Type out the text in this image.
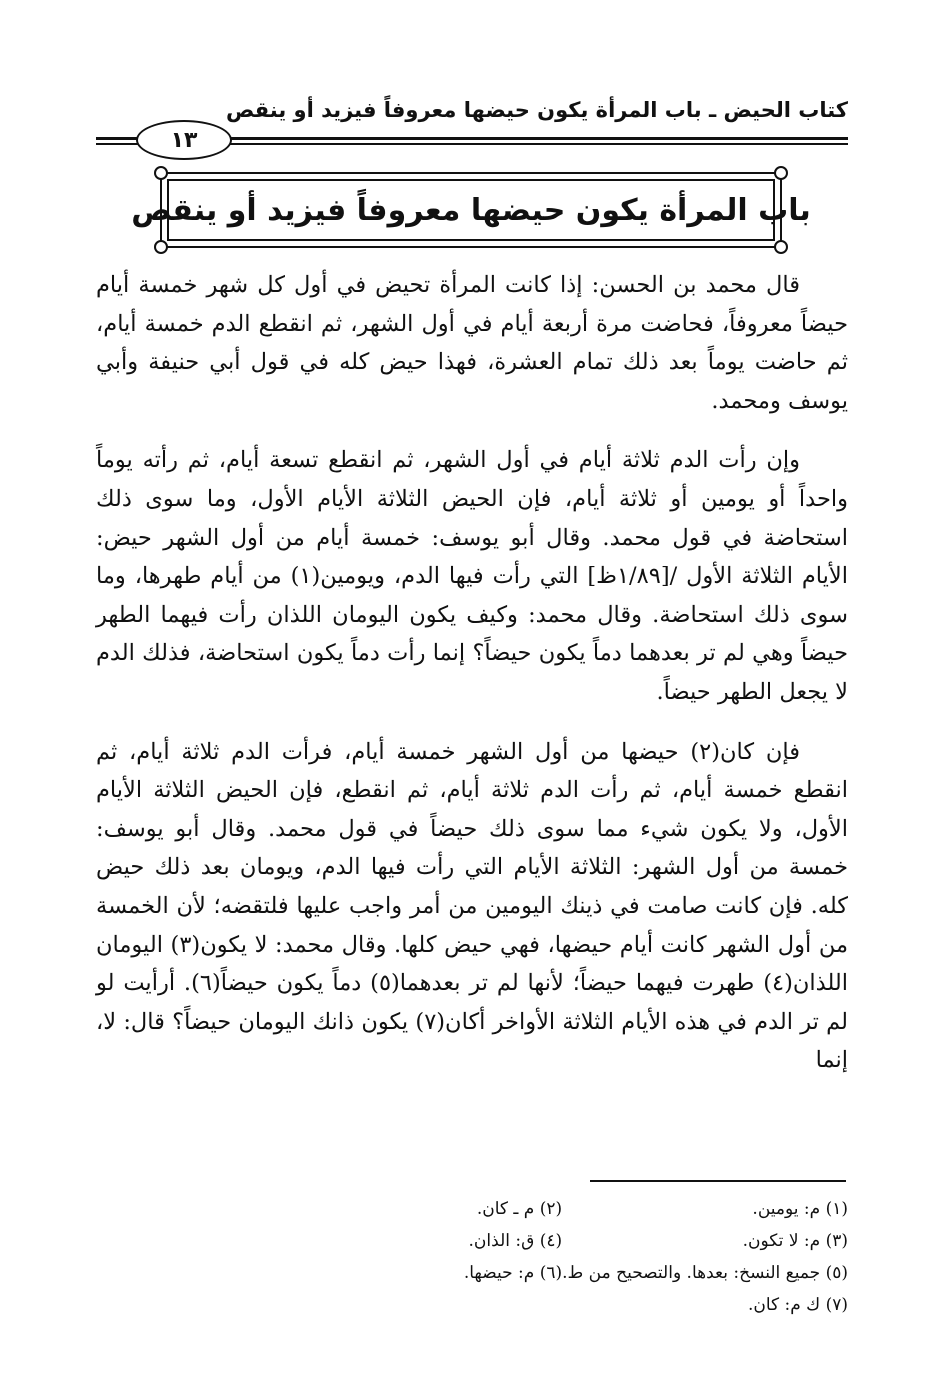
كتاب الحيض ـ باب المرأة يكون حيضها معروفاً فيزيد أو ينقص
١٣
باب المرأة يكون حيضها معروفاً فيزيد أو ينقص

قال محمد بن الحسن: إذا كانت المرأة تحيض في أول كل شهر خمسة أيام حيضاً معروفاً، فحاضت مرة أربعة أيام في أول الشهر، ثم انقطع الدم خمسة أيام، ثم حاضت يوماً بعد ذلك تمام العشرة، فهذا حيض كله في قول أبي حنيفة وأبي يوسف ومحمد.

وإن رأت الدم ثلاثة أيام في أول الشهر، ثم انقطع تسعة أيام، ثم رأته يوماً واحداً أو يومين أو ثلاثة أيام، فإن الحيض الثلاثة الأيام الأول، وما سوى ذلك استحاضة في قول محمد. وقال أبو يوسف: خمسة أيام من أول الشهر حيض: الأيام الثلاثة الأول /[١/٨٩ظ] التي رأت فيها الدم، ويومين(١) من أيام طهرها، وما سوى ذلك استحاضة. وقال محمد: وكيف يكون اليومان اللذان رأت فيهما الطهر حيضاً وهي لم تر بعدهما دماً يكون حيضاً؟ إنما رأت دماً يكون استحاضة، فذلك الدم لا يجعل الطهر حيضاً.

فإن كان(٢) حيضها من أول الشهر خمسة أيام، فرأت الدم ثلاثة أيام، ثم انقطع خمسة أيام، ثم رأت الدم ثلاثة أيام، ثم انقطع، فإن الحيض الثلاثة الأيام الأول، ولا يكون شيء مما سوى ذلك حيضاً في قول محمد. وقال أبو يوسف: خمسة من أول الشهر: الثلاثة الأيام التي رأت فيها الدم، ويومان بعد ذلك حيض كله. فإن كانت صامت في ذينك اليومين من أمر واجب عليها فلتقضه؛ لأن الخمسة من أول الشهر كانت أيام حيضها، فهي حيض كلها. وقال محمد: لا يكون(٣) اليومان اللذان(٤) طهرت فيهما حيضاً؛ لأنها لم تر بعدهما(٥) دماً يكون حيضاً(٦). أرأيت لو لم تر الدم في هذه الأيام الثلاثة الأواخر أكان(٧) يكون ذانك اليومان حيضاً؟ قال: لا، إنما

(١) م: يومين.
(٢) م ـ كان.
(٣) م: لا تكون.
(٤) ق: الذان.
(٥) جميع النسخ: بعدها. والتصحيح من ط.
(٦) م: حيضها.
(٧) ك م: كان.
